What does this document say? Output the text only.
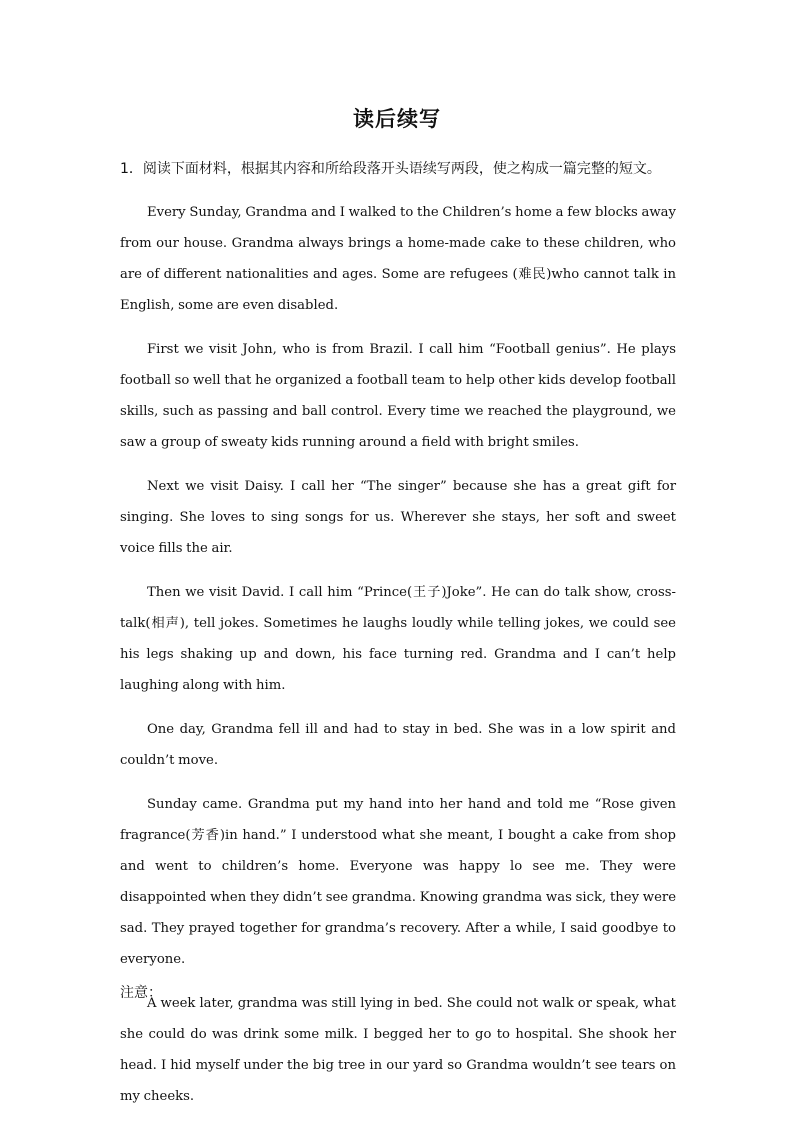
读后续写
1．阅读下面材料，根据其内容和所给段落开头语续写两段，使之构成一篇完整的短文。

Every Sunday, Grandma and I walked to the Children’s home a few blocks away from our house. Grandma always brings a home-made cake to these children, who are of different nationalities and ages. Some are refugees (难民)who cannot talk in English, some are even disabled.

First we visit John, who is from Brazil. I call him “Football genius”. He plays football so well that he organized a football team to help other kids develop football skills, such as passing and ball control. Every time we reached the playground, we saw a group of sweaty kids running around a field with bright smiles.

Next we visit Daisy. I call her “The singer” because she has a great gift for singing. She loves to sing songs for us. Wherever she stays, her soft and sweet voice fills the air.

Then we visit David. I call him “Prince(王子)Joke”. He can do talk show, cross-talk(相声), tell jokes. Sometimes he laughs loudly while telling jokes, we could see his legs shaking up and down, his face turning red. Grandma and I can’t help laughing along with him.

One day, Grandma fell ill and had to stay in bed. She was in a low spirit and couldn’t move.

Sunday came. Grandma put my hand into her hand and told me “Rose given fragrance(芳香)in hand.” I understood what she meant, I bought a cake from shop and went to children’s home. Everyone was happy lo see me. They were disappointed when they didn’t see grandma. Knowing grandma was sick, they were sad. They prayed together for grandma’s recovery. After a while, I said goodbye to everyone.

A week later, grandma was still lying in bed. She could not walk or speak, what she could do was drink some milk. I begged her to go to hospital. She shook her head. I hid myself under the big tree in our yard so Grandma wouldn’t see tears on my cheeks.

注意：
